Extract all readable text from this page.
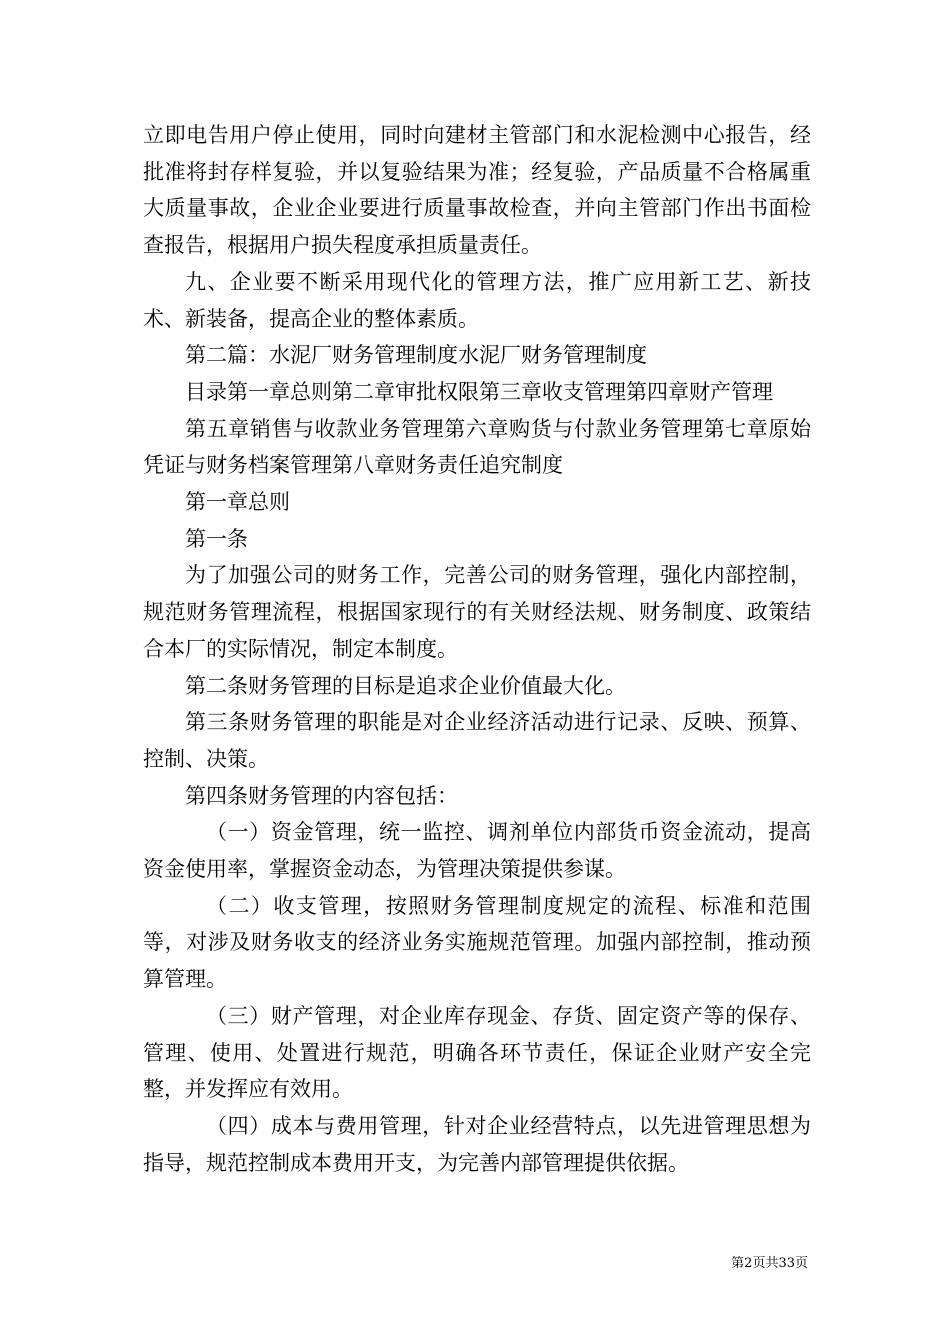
立即电告用户停止使用，同时向建材主管部门和水泥检测中心报告，经批准将封存样复验，并以复验结果为准；经复验，产品质量不合格属重大质量事故，企业企业要进行质量事故检查，并向主管部门作出书面检查报告，根据用户损失程度承担质量责任。

九、企业要不断采用现代化的管理方法，推广应用新工艺、新技术、新装备，提高企业的整体素质。

第二篇：水泥厂财务管理制度水泥厂财务管理制度

目录第一章总则第二章审批权限第三章收支管理第四章财产管理

第五章销售与收款业务管理第六章购货与付款业务管理第七章原始凭证与财务档案管理第八章财务责任追究制度

第一章总则

第一条

为了加强公司的财务工作，完善公司的财务管理，强化内部控制，规范财务管理流程，根据国家现行的有关财经法规、财务制度、政策结合本厂的实际情况，制定本制度。

第二条财务管理的目标是追求企业价值最大化。

第三条财务管理的职能是对企业经济活动进行记录、反映、预算、控制、决策。

第四条财务管理的内容包括：

（一）资金管理，统一监控、调剂单位内部货币资金流动，提高资金使用率，掌握资金动态，为管理决策提供参谋。

（二）收支管理，按照财务管理制度规定的流程、标准和范围等，对涉及财务收支的经济业务实施规范管理。加强内部控制，推动预算管理。

（三）财产管理，对企业库存现金、存货、固定资产等的保存、管理、使用、处置进行规范，明确各环节责任，保证企业财产安全完整，并发挥应有效用。

（四）成本与费用管理，针对企业经营特点，以先进管理思想为指导，规范控制成本费用开支，为完善内部管理提供依据。

第2页共33页
